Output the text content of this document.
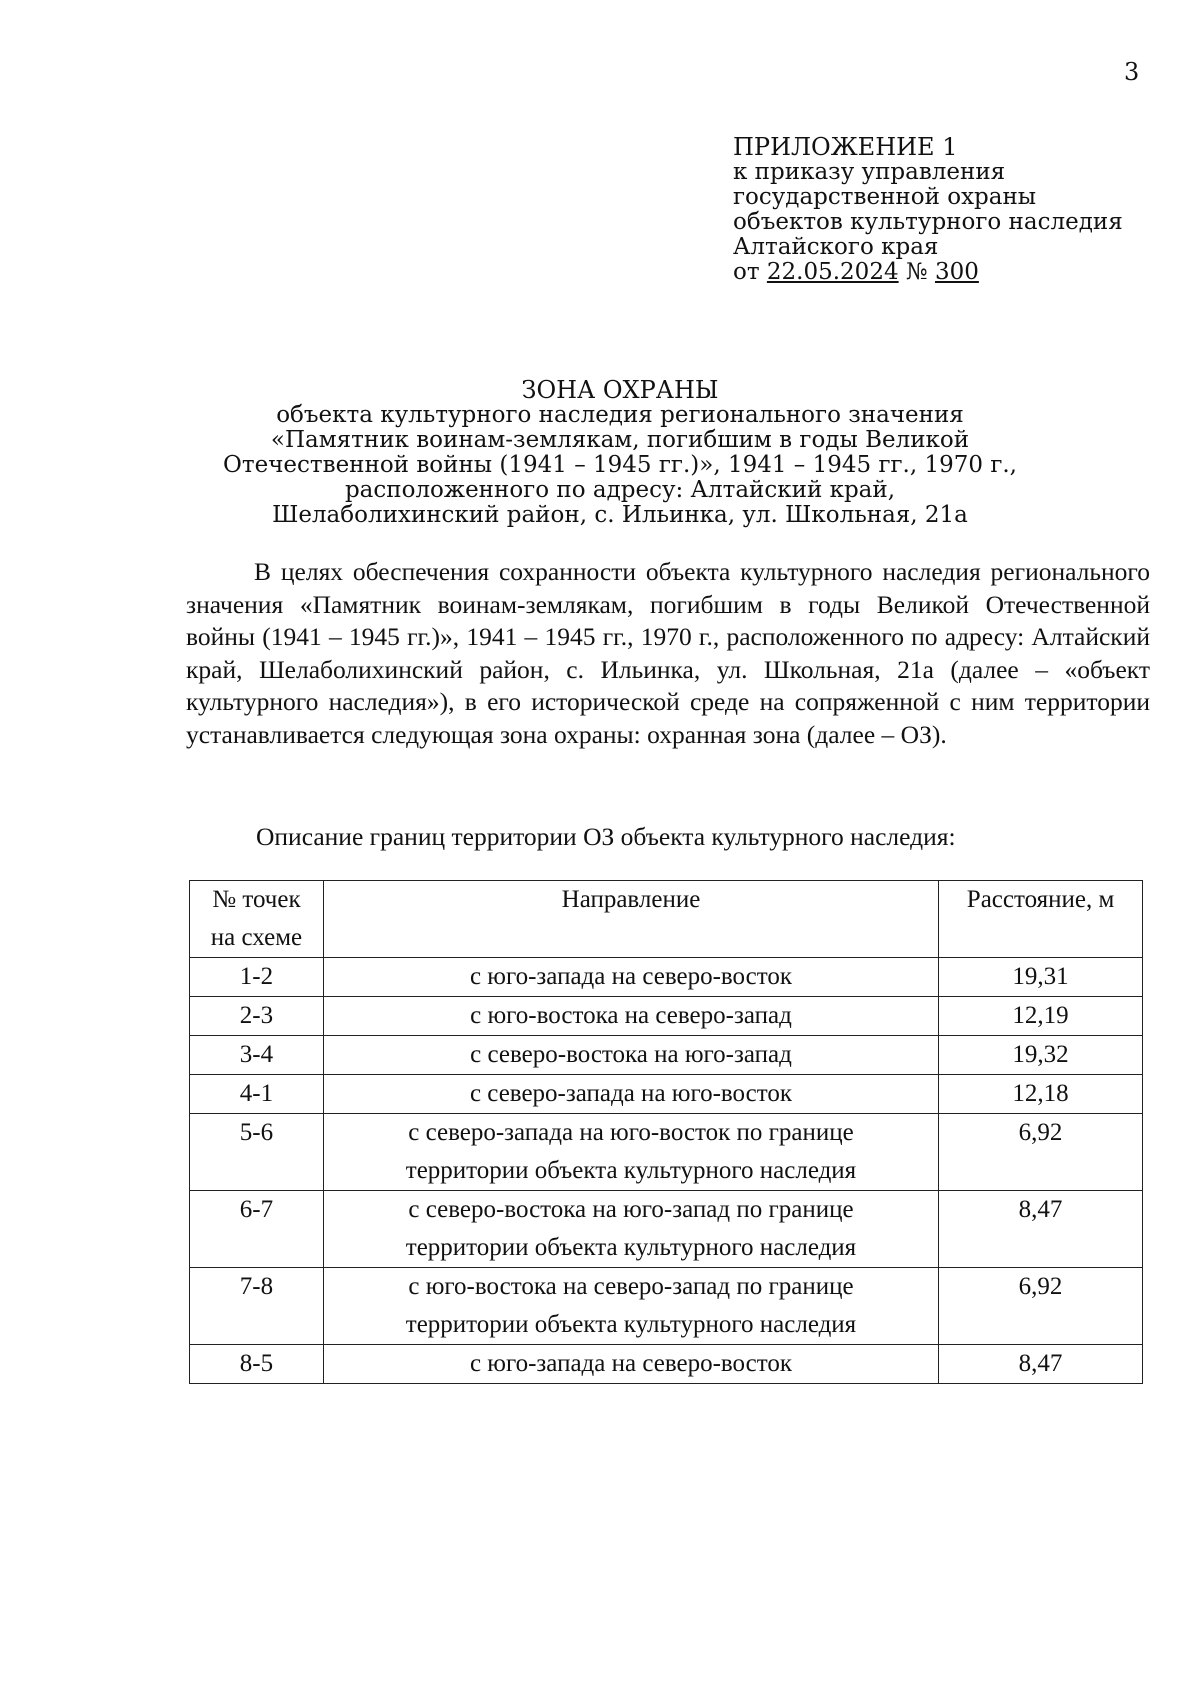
3
ПРИЛОЖЕНИЕ 1
к приказу управления
государственной охраны
объектов культурного наследия
Алтайского края
от 22.05.2024 № 300
ЗОНА ОХРАНЫ
объекта культурного наследия регионального значения
«Памятник воинам-землякам, погибшим в годы Великой
Отечественной войны (1941 – 1945 гг.)», 1941 – 1945 гг., 1970 г.,
расположенного по адресу: Алтайский край,
Шелаболихинский район, с. Ильинка, ул. Школьная, 21а

В целях обеспечения сохранности объекта культурного наследия регионального значения «Памятник воинам-землякам, погибшим в годы Великой Отечественной войны (1941 – 1945 гг.)», 1941 – 1945 гг., 1970 г., расположенного по адресу: Алтайский край, Шелаболихинский район, с. Ильинка, ул. Школьная, 21а (далее – «объект культурного наследия»), в его исторической среде на сопряженной с ним территории устанавливается следующая зона охраны: охранная зона (далее – ОЗ).

Описание границ территории ОЗ объекта культурного наследия:
№ точек
на схеме	Направление	Расстояние, м
1-2	с юго-запада на северо-восток	19,31
2-3	с юго-востока на северо-запад	12,19
3-4	с северо-востока на юго-запад	19,32
4-1	с северо-запада на юго-восток	12,18
5-6	с северо-запада на юго-восток по границе
территории объекта культурного наследия	6,92
6-7	с северо-востока на юго-запад по границе
территории объекта культурного наследия	8,47
7-8	с юго-востока на северо-запад по границе
территории объекта культурного наследия	6,92
8-5	с юго-запада на северо-восток	8,47
